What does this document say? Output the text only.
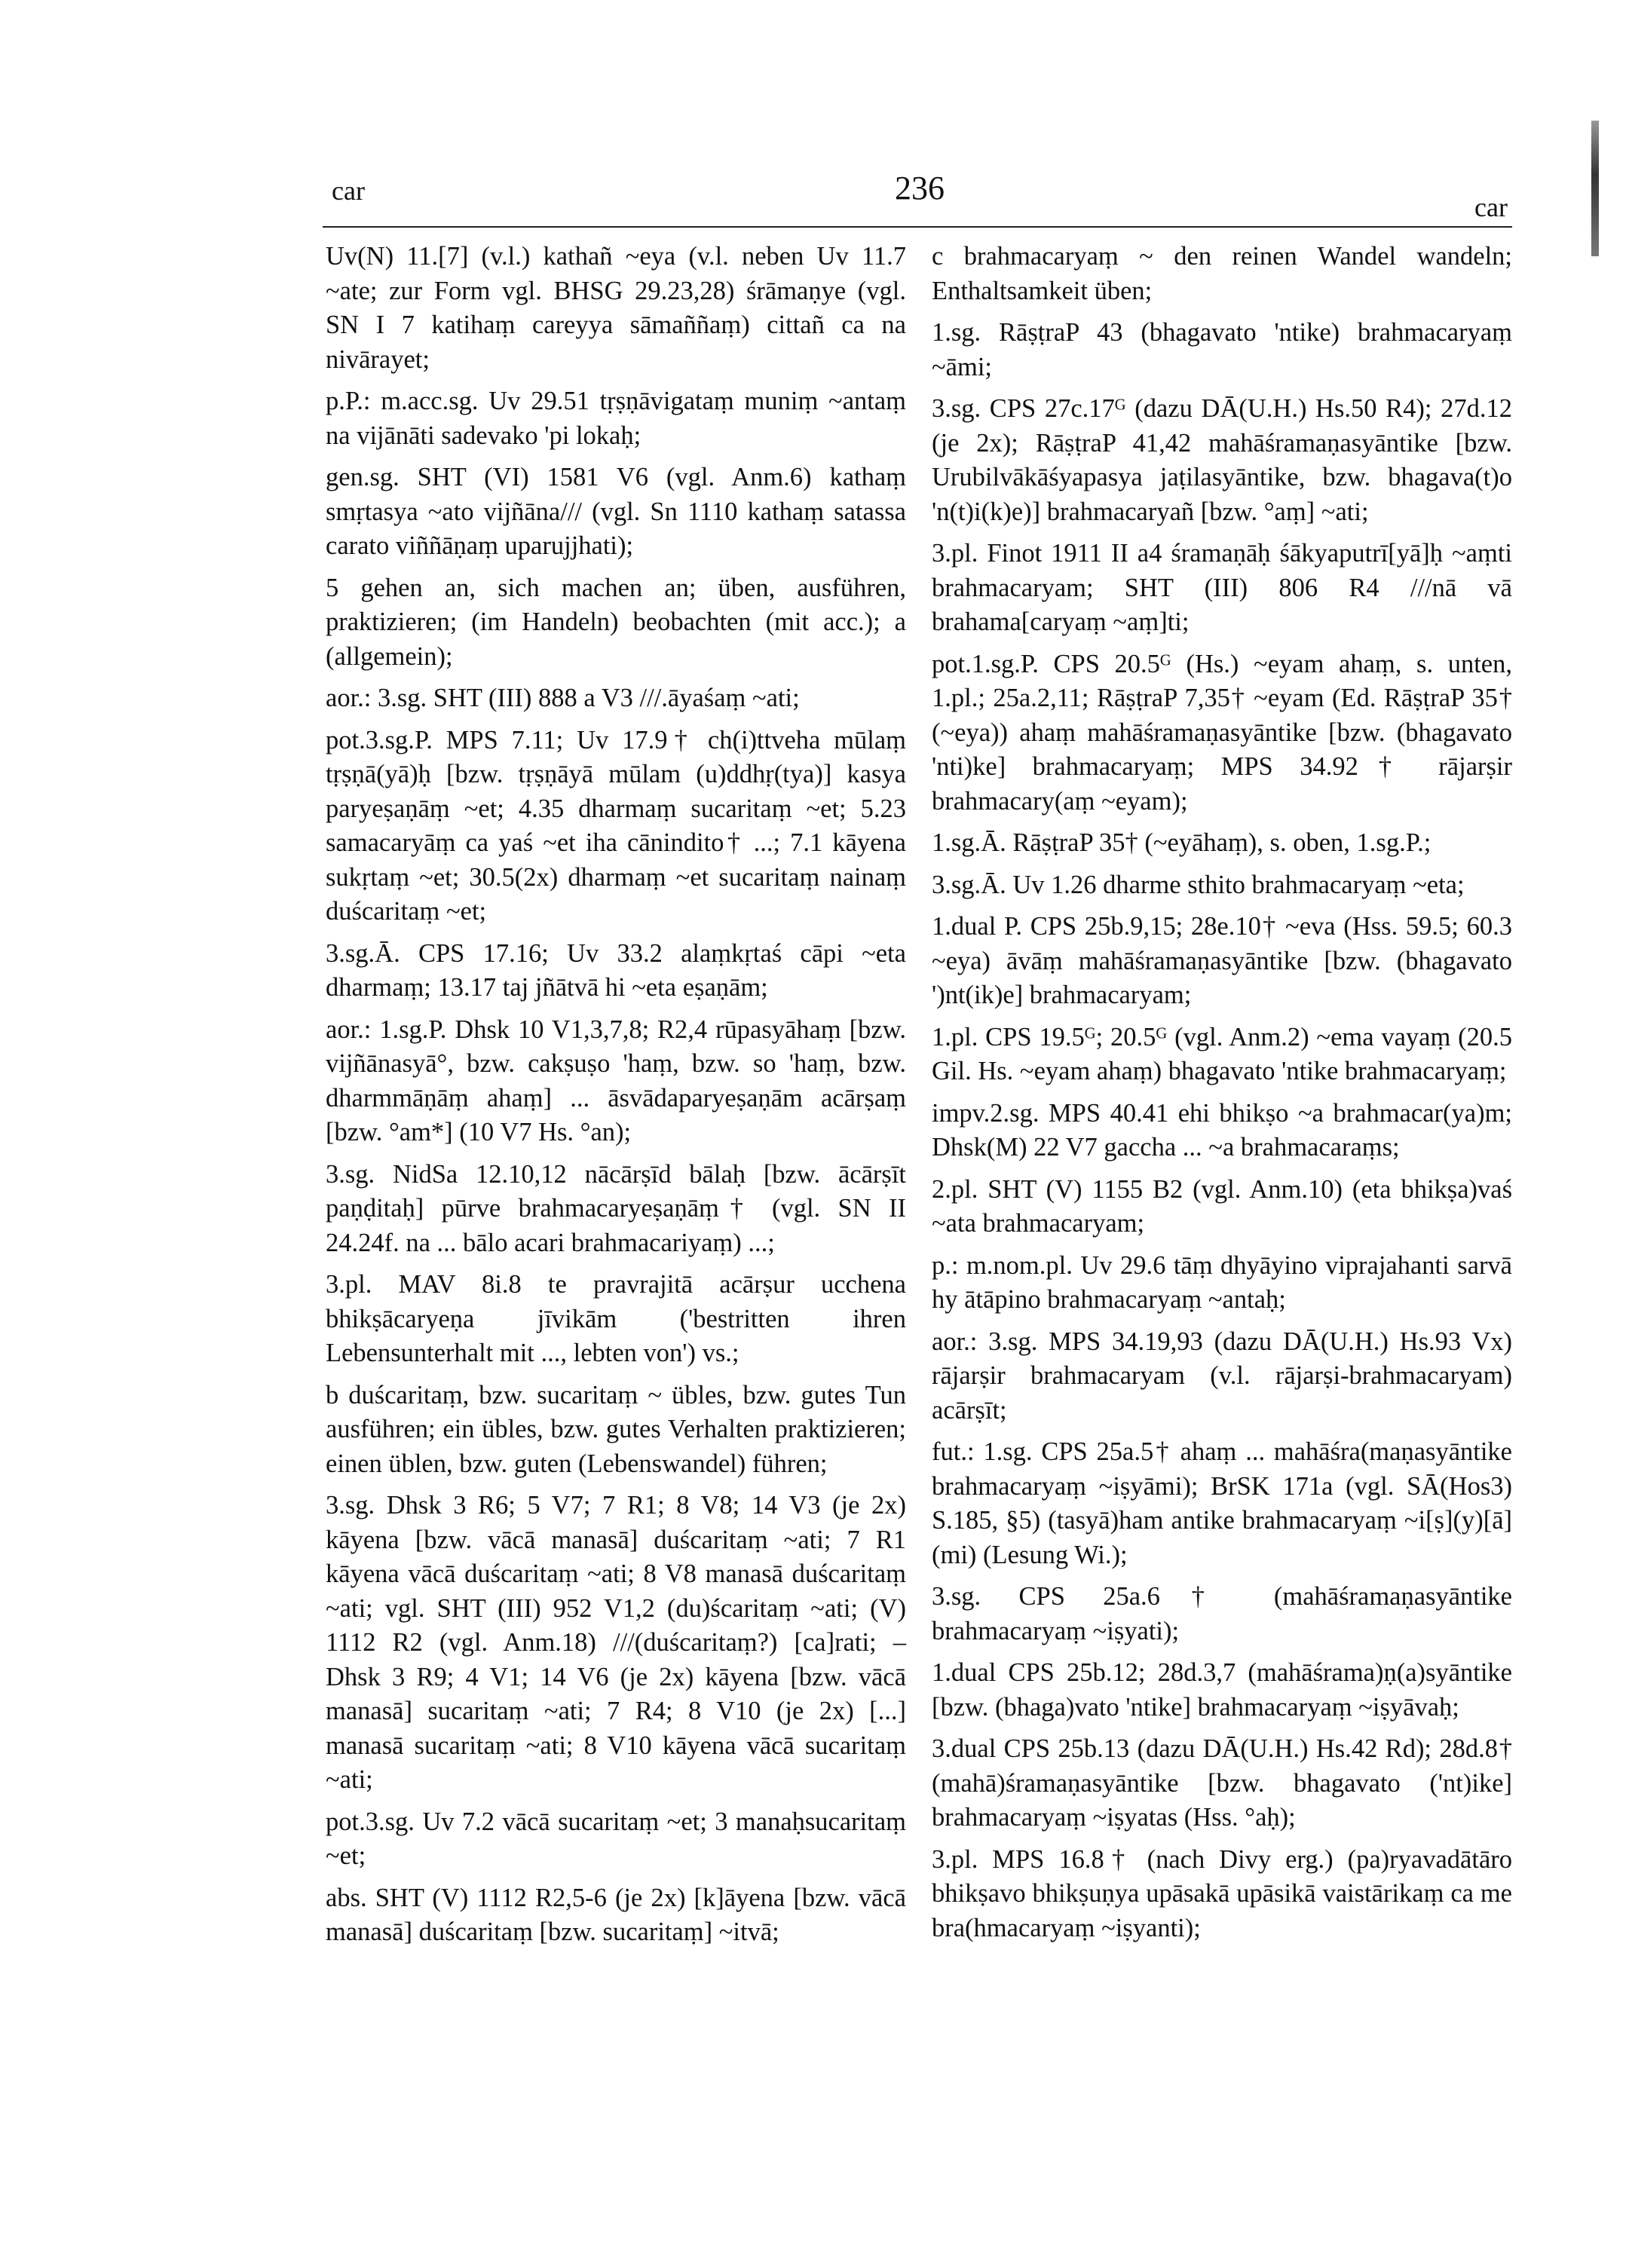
car	236
car

Uv(N) 11.[7] (v.l.) kathañ ~eya (v.l. neben Uv 11.7 ~ate; zur Form vgl. BHSG 29.23,28) śrāmaṇye (vgl. SN I 7 katihaṃ careyya sāmaññaṃ) cittañ ca na nivārayet;

p.P.: m.acc.sg. Uv 29.51 tṛṣṇāvigataṃ muniṃ ~antaṃ na vijānāti sadevako 'pi lokaḥ;

gen.sg. SHT (VI) 1581 V6 (vgl. Anm.6) kathaṃ smṛtasya ~ato vijñāna/// (vgl. Sn 1110 kathaṃ satassa carato viññāṇaṃ uparujjhati);

5 gehen an, sich machen an; üben, ausführen, praktizieren; (im Handeln) beobachten (mit acc.); a (allgemein);

aor.: 3.sg. SHT (III) 888 a V3 ///.āyaśaṃ ~ati;

pot.3.sg.P. MPS 7.11; Uv 17.9† ch(i)ttveha mūlaṃ tṛṣṇā(yā)ḥ [bzw. tṛṣṇāyā mūlam (u)ddhṛ(tya)] kasya paryeṣaṇāṃ ~et; 4.35 dharmaṃ sucaritaṃ ~et; 5.23 samacaryāṃ ca yaś ~et iha cānindito† ...; 7.1 kāyena sukṛtaṃ ~et; 30.5(2x) dharmaṃ ~et sucaritaṃ nainaṃ duścaritaṃ ~et;

3.sg.Ā. CPS 17.16; Uv 33.2 alaṃkṛtaś cāpi ~eta dharmaṃ; 13.17 taj jñātvā hi ~eta eṣaṇām;

aor.: 1.sg.P. Dhsk 10 V1,3,7,8; R2,4 rūpasyāhaṃ [bzw. vijñānasyā°, bzw. cakṣuṣo 'haṃ, bzw. so 'haṃ, bzw. dharmmāṇāṃ ahaṃ] ... āsvādaparyeṣaṇām acārṣaṃ [bzw. °am*] (10 V7 Hs. °an);

3.sg. NidSa 12.10,12 nācārṣīd bālaḥ [bzw. ācārṣīt paṇḍitaḥ] pūrve brahmacaryeṣaṇāṃ† (vgl. SN II 24.24f. na ... bālo acari brahmacariyaṃ) ...;

3.pl. MAV 8i.8 te pravrajitā acārṣur ucchena bhikṣācaryeṇa jīvikām ('bestritten ihren Lebensunterhalt mit ..., lebten von') vs.;

b duścaritaṃ, bzw. sucaritaṃ ~ übles, bzw. gutes Tun ausführen; ein übles, bzw. gutes Verhalten praktizieren; einen üblen, bzw. guten (Lebenswandel) führen;

3.sg. Dhsk 3 R6; 5 V7; 7 R1; 8 V8; 14 V3 (je 2x) kāyena [bzw. vācā manasā] duścaritaṃ ~ati; 7 R1 kāyena vācā duścaritaṃ ~ati; 8 V8 manasā duścaritaṃ ~ati; vgl. SHT (III) 952 V1,2 (du)ścaritaṃ ~ati; (V) 1112 R2 (vgl. Anm.18) ///(duścaritaṃ?) [ca]rati; – Dhsk 3 R9; 4 V1; 14 V6 (je 2x) kāyena [bzw. vācā manasā] sucaritaṃ ~ati; 7 R4; 8 V10 (je 2x) [...] manasā sucaritaṃ ~ati; 8 V10 kāyena vācā sucaritaṃ ~ati;

pot.3.sg. Uv 7.2 vācā sucaritaṃ ~et; 3 manaḥsucaritaṃ ~et;

abs. SHT (V) 1112 R2,5-6 (je 2x) [k]āyena [bzw. vācā manasā] duścaritaṃ [bzw. sucaritaṃ] ~itvā;

c brahmacaryaṃ ~ den reinen Wandel wandeln; Enthaltsamkeit üben;

1.sg. RāṣṭraP 43 (bhagavato 'ntike) brahmacaryaṃ ~āmi;

3.sg. CPS 27c.17ᴳ (dazu DĀ(U.H.) Hs.50 R4); 27d.12 (je 2x); RāṣṭraP 41,42 mahāśramaṇasyāntike [bzw. Urubilvākāśyapasya jaṭilasyāntike, bzw. bhagava(t)o 'n(t)i(k)e)] brahmacaryañ [bzw. °aṃ] ~ati;

3.pl. Finot 1911 II a4 śramaṇāḥ śākyaputrī[yā]ḥ ~aṃti brahmacaryam; SHT (III) 806 R4 ///nā vā brahama[caryaṃ ~aṃ]ti;

pot.1.sg.P. CPS 20.5ᴳ (Hs.) ~eyam ahaṃ, s. unten, 1.pl.; 25a.2,11; RāṣṭraP 7,35† ~eyam (Ed. RāṣṭraP 35† (~eya)) ahaṃ mahāśramaṇasyāntike [bzw. (bhagavato 'nti)ke] brahmacaryaṃ; MPS 34.92† rājarṣir brahmacary(aṃ ~eyam);

1.sg.Ā. RāṣṭraP 35† (~eyāhaṃ), s. oben, 1.sg.P.;

3.sg.Ā. Uv 1.26 dharme sthito brahmacaryaṃ ~eta;

1.dual P. CPS 25b.9,15; 28e.10† ~eva (Hss. 59.5; 60.3 ~eya) āvāṃ mahāśramaṇasyāntike [bzw. (bhagavato ')nt(ik)e] brahmacaryam;

1.pl. CPS 19.5ᴳ; 20.5ᴳ (vgl. Anm.2) ~ema vayaṃ (20.5 Gil. Hs. ~eyam ahaṃ) bhagavato 'ntike brahmacaryaṃ;

impv.2.sg. MPS 40.41 ehi bhikṣo ~a brahmacar(ya)m; Dhsk(M) 22 V7 gaccha ... ~a brahmacaraṃs;

2.pl. SHT (V) 1155 B2 (vgl. Anm.10) (eta bhikṣa)vaś ~ata brahmacaryam;

p.: m.nom.pl. Uv 29.6 tāṃ dhyāyino viprajahanti sarvā hy ātāpino brahmacaryaṃ ~antaḥ;

aor.: 3.sg. MPS 34.19,93 (dazu DĀ(U.H.) Hs.93 Vx) rājarṣir brahmacaryam (v.l. rājarṣi-brahmacaryam) acārṣīt;

fut.: 1.sg. CPS 25a.5† ahaṃ ... mahāśra(maṇasyāntike brahmacaryaṃ ~iṣyāmi); BrSK 171a (vgl. SĀ(Hos3) S.185, §5) (tasyā)ham antike brahmacaryaṃ ~i[ṣ](y)[ā](mi) (Lesung Wi.);

3.sg. CPS 25a.6† (mahāśramaṇasyāntike brahmacaryaṃ ~iṣyati);

1.dual CPS 25b.12; 28d.3,7 (mahāśrama)ṇ(a)syāntike [bzw. (bhaga)vato 'ntike] brahmacaryaṃ ~iṣyāvaḥ;

3.dual CPS 25b.13 (dazu DĀ(U.H.) Hs.42 Rd); 28d.8† (mahā)śramaṇasyāntike [bzw. bhagavato ('nt)ike] brahmacaryaṃ ~iṣyatas (Hss. °aḥ);

3.pl. MPS 16.8† (nach Divy erg.) (pa)ryavadātāro bhikṣavo bhikṣuṇya upāsakā upāsikā vaistārikaṃ ca me bra(hmacaryaṃ ~iṣyanti);
